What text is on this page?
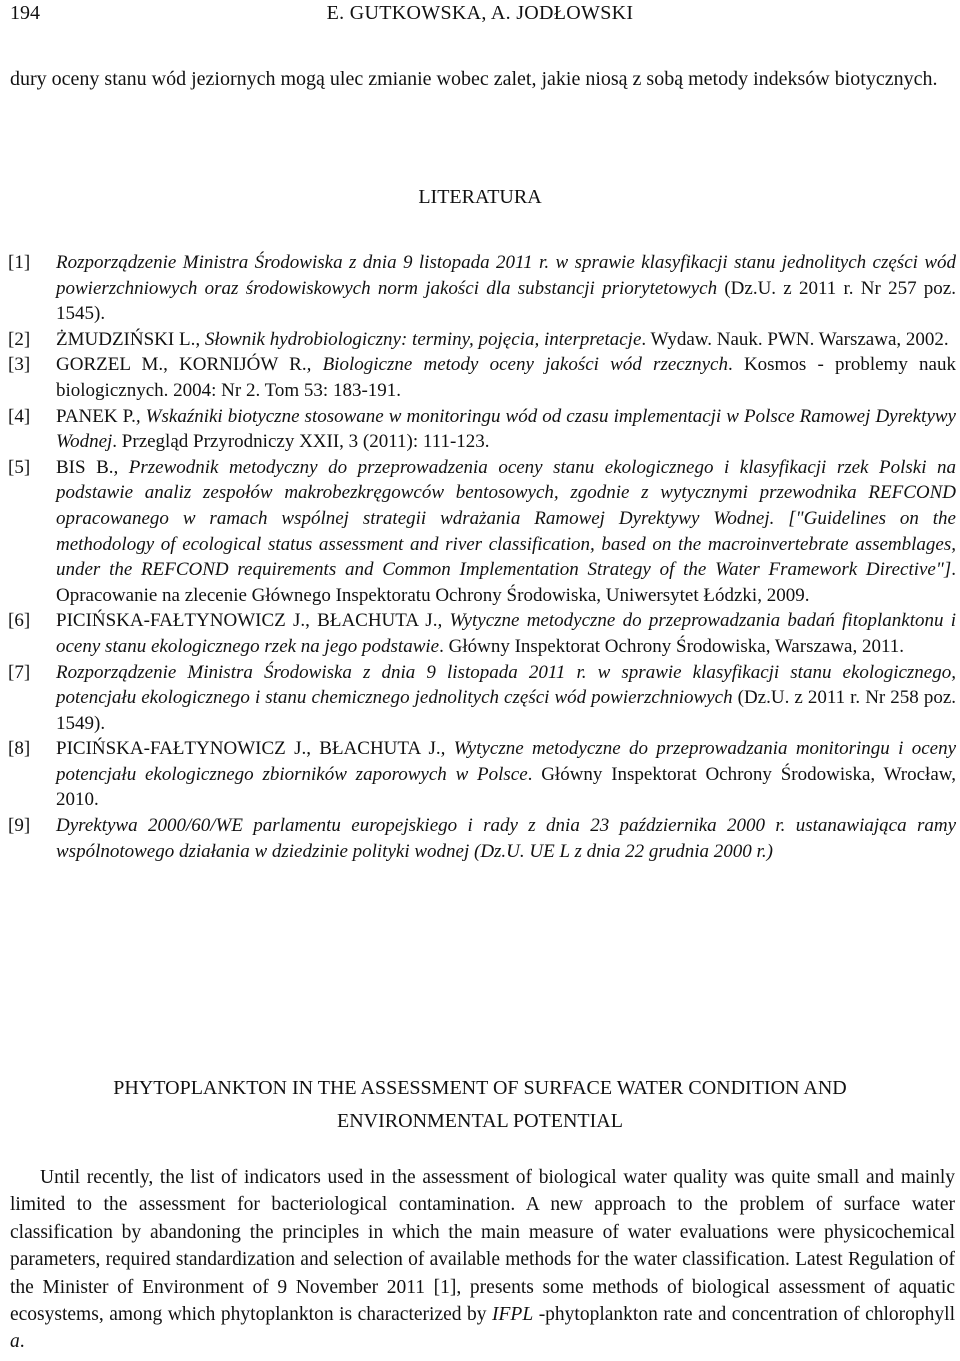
194	E. GUTKOWSKA, A. JODŁOWSKI

dury oceny stanu wód jeziornych mogą ulec zmianie wobec zalet, jakie niosą z sobą metody indeksów biotycznych.

LITERATURA

[1] Rozporządzenie Ministra Środowiska z dnia 9 listopada 2011 r. w sprawie klasyfikacji stanu jednolitych części wód powierzchniowych oraz środowiskowych norm jakości dla substancji priorytetowych (Dz.U. z 2011 r. Nr 257 poz. 1545).

[2] ŻMUDZIŃSKI L., Słownik hydrobiologiczny: terminy, pojęcia, interpretacje. Wydaw. Nauk. PWN. Warszawa, 2002.

[3] GORZEL M., KORNIJÓW R., Biologiczne metody oceny jakości wód rzecznych. Kosmos - problemy nauk biologicznych. 2004: Nr 2. Tom 53: 183-191.

[4] PANEK P., Wskaźniki biotyczne stosowane w monitoringu wód od czasu implementacji w Polsce Ramowej Dyrektywy Wodnej. Przegląd Przyrodniczy XXII, 3 (2011): 111-123.

[5] BIS B., Przewodnik metodyczny do przeprowadzenia oceny stanu ekologicznego i klasyfikacji rzek Polski na podstawie analiz zespołów makrobezkręgowców bentosowych, zgodnie z wytycznymi przewodnika REFCOND opracowanego w ramach wspólnej strategii wdrażania Ramowej Dyrektywy Wodnej. ["Guidelines on the methodology of ecological status assessment and river classification, based on the macroinvertebrate assemblages, under the REFCOND requirements and Common Implementation Strategy of the Water Framework Directive"]. Opracowanie na zlecenie Głównego Inspektoratu Ochrony Środowiska, Uniwersytet Łódzki, 2009.

[6] PICIŃSKA-FAŁTYNOWICZ J., BŁACHUTA J., Wytyczne metodyczne do przeprowadzania badań fitoplanktonu i oceny stanu ekologicznego rzek na jego podstawie. Główny Inspektorat Ochrony Środowiska, Warszawa, 2011.

[7] Rozporządzenie Ministra Środowiska z dnia 9 listopada 2011 r. w sprawie klasyfikacji stanu ekologicznego, potencjału ekologicznego i stanu chemicznego jednolitych części wód powierzchniowych (Dz.U. z 2011 r. Nr 258 poz. 1549).

[8] PICIŃSKA-FAŁTYNOWICZ J., BŁACHUTA J., Wytyczne metodyczne do przeprowadzania monitoringu i oceny potencjału ekologicznego zbiorników zaporowych w Polsce. Główny Inspektorat Ochrony Środowiska, Wrocław, 2010.

[9] Dyrektywa 2000/60/WE parlamentu europejskiego i rady z dnia 23 października 2000 r. ustanawiająca ramy wspólnotowego działania w dziedzinie polityki wodnej (Dz.U. UE L z dnia 22 grudnia 2000 r.)

PHYTOPLANKTON IN THE ASSESSMENT OF SURFACE WATER CONDITION AND ENVIRONMENTAL POTENTIAL

Until recently, the list of indicators used in the assessment of biological water quality was quite small and mainly limited to the assessment for bacteriological contamination. A new approach to the problem of surface water classification by abandoning the principles in which the main measure of water evaluations were physicochemical parameters, required standardization and selection of available methods for the water classification. Latest Regulation of the Minister of Environment of 9 November 2011 [1], presents some methods of biological assessment of aquatic ecosystems, among which phytoplankton is characterized by IFPL -phytoplankton rate and concentration of chlorophyll a.
